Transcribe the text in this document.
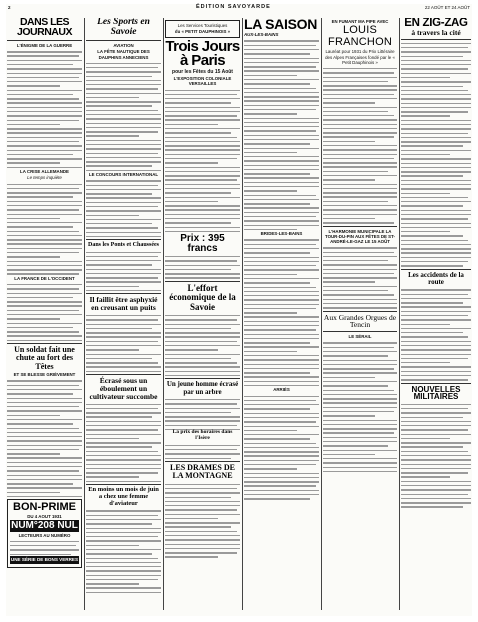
2	ÉDITION SAVOYARDE	22 AOÛT ET 24 AOÛT
DANS LES JOURNAUX
L'ÉNIGME DE LA GUERRE
LA CRISE ALLEMANDE
Le temps inquiète
LA FRANCE DE L'OCCIDENT
Un soldat fait une chute au fort des Têtes
ET SE BLESSE GRIÈVEMENT
BON-PRIME
DU 4 AOUT 1931
NUM°208 NUL
LECTEURS AU NUMÉRO
UNE SÉRIE DE BONS VERRES
Les Sports en Savoie
AVIATION
LA FÊTE NAUTIQUE DES DAUPHINS ANNECIENS
LE CONCOURS INTERNATIONAL
Dans les Ponts et Chaussées
Il faillit être asphyxié en creusant un puits
Écrasé sous un éboulement un cultivateur succombe
En moins un mois de juin a chez une femme d'aviateur
Les Services Touristiques
du « PETIT DAUPHINOIS »
Trois Jours à Paris
pour les Fêtes du 15 Août
L'EXPOSITION COLONIALE VERSAILLES
Prix : 395 francs
L'effort économique de la Savoie
Un jeune homme écrasé par un arbre
La prix des horaires dans l'Isère
LES DRAMES DE LA MONTAGNE
LA SAISON
AUX-LES-BAINS
BRIDES-LES-BAINS
ARRIÉS
EN FUMANT MA PIPE AVEC
LOUIS FRANCHON
Lauréat pour 1931 du Prix Littéraire des Alpes Françaises fondé par le « Petit Dauphinois »
L'HARMONIE MUNICIPALE LA TOUR-DU-PIN AUX FÊTES DE ST-ANDRÉ-LE-GAZ LE 15 AOÛT
Aux Grandes Orgues de Tencin
LE SÉRAIL
EN ZIG-ZAG
à travers la cité
Les accidents de la route
NOUVELLES MILITAIRES
